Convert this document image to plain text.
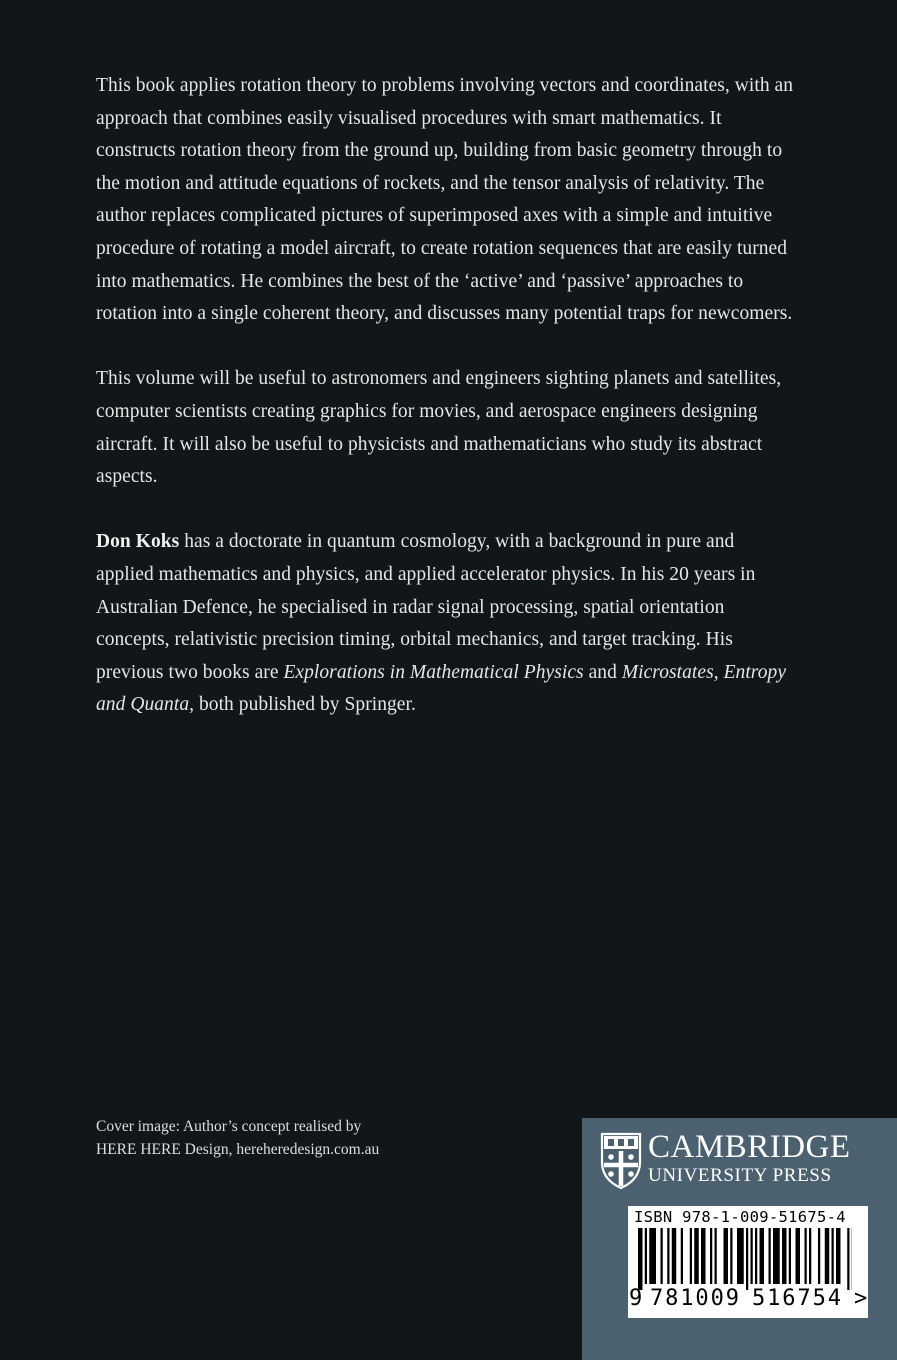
This book applies rotation theory to problems involving vectors and coordinates, with an approach that combines easily visualised procedures with smart mathematics. It constructs rotation theory from the ground up, building from basic geometry through to the motion and attitude equations of rockets, and the tensor analysis of relativity. The author replaces complicated pictures of superimposed axes with a simple and intuitive procedure of rotating a model aircraft, to create rotation sequences that are easily turned into mathematics. He combines the best of the ‘active’ and ‘passive’ approaches to rotation into a single coherent theory, and discusses many potential traps for newcomers.

This volume will be useful to astronomers and engineers sighting planets and satellites, computer scientists creating graphics for movies, and aerospace engineers designing aircraft. It will also be useful to physicists and mathematicians who study its abstract aspects.

Don Koks has a doctorate in quantum cosmology, with a background in pure and applied mathematics and physics, and applied accelerator physics. In his 20 years in Australian Defence, he specialised in radar signal processing, spatial orientation concepts, relativistic precision timing, orbital mechanics, and target tracking. His previous two books are Explorations in Mathematical Physics and Microstates, Entropy and Quanta, both published by Springer.

Cover image: Author’s concept realised by
HERE HERE Design, hereheredesign.com.au	CAMBRIDGE
UNIVERSITY PRESS
ISBN 978-1-009-51675-4
9 781009 516754 >
